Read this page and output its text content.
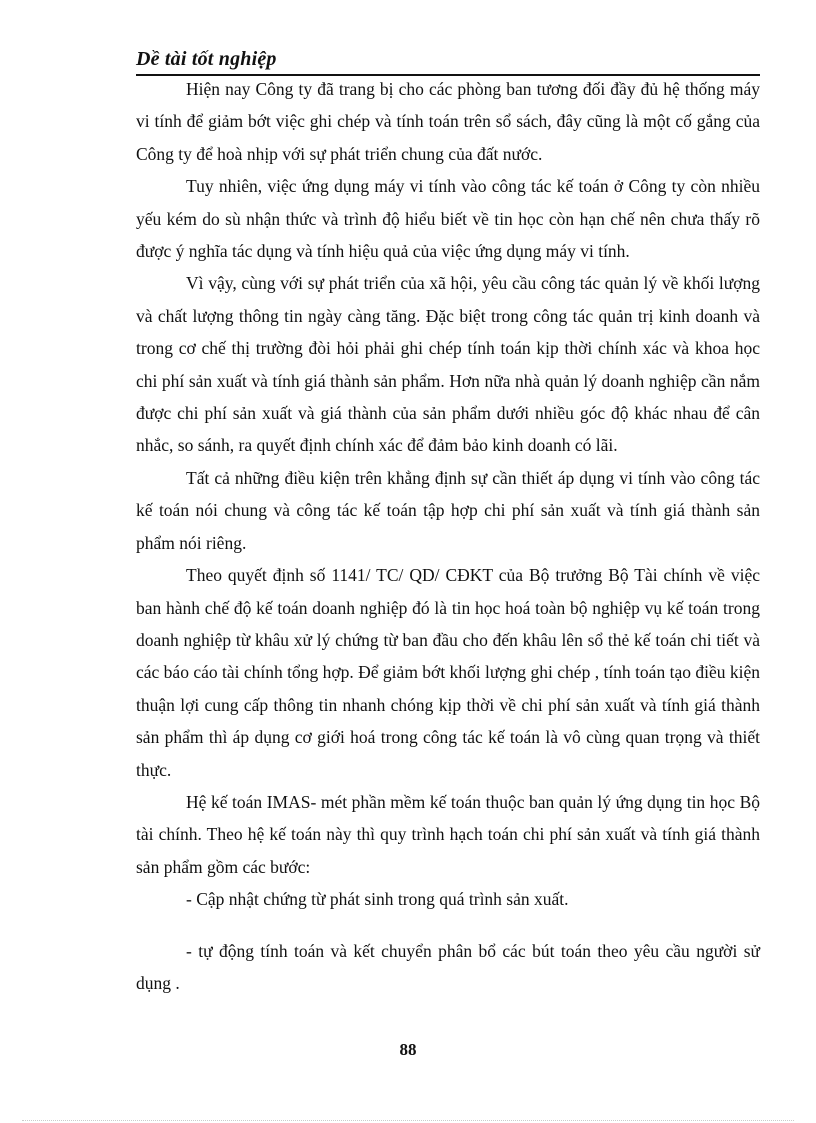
Dề tài tốt nghiệp

Hiện nay Công ty đã trang bị cho các phòng ban tương đối đầy đủ hệ thống máy vi tính để giảm bớt việc ghi chép và tính toán trên sổ sách, đây cũng là một cố gắng của Công ty để hoà nhịp với sự phát triển chung của đất nước.

Tuy nhiên, việc ứng dụng máy vi tính vào công tác kế toán ở Công ty còn nhiều yếu kém do sù nhận thức và trình độ hiểu biết về tin học còn hạn chế nên chưa thấy rõ được ý nghĩa tác dụng và tính hiệu quả của việc ứng dụng máy vi tính.

Vì vậy, cùng với sự phát triển của xã hội, yêu cầu công tác quản lý về khối lượng và chất lượng thông tin ngày càng tăng. Đặc biệt trong công tác quản trị kinh doanh và trong cơ chế thị trường đòi hỏi phải ghi chép tính toán kịp thời chính xác và khoa học chi phí sản xuất và tính giá thành sản phẩm. Hơn nữa nhà quản lý doanh nghiệp cần nắm được chi phí sản xuất và giá thành của sản phẩm dưới nhiều góc độ khác nhau để cân nhắc, so sánh, ra quyết định chính xác để đảm bảo kinh doanh có lãi.

Tất cả những điều kiện trên khẳng định sự cần thiết áp dụng vi tính vào công tác kế toán nói chung và công tác kế toán tập hợp chi phí sản xuất và tính giá thành sản phẩm nói riêng.

Theo quyết định số 1141/ TC/ QD/ CĐKT của Bộ trưởng Bộ Tài chính về việc ban hành chế độ kế toán doanh nghiệp đó là tin học hoá toàn bộ nghiệp vụ kế toán trong doanh nghiệp từ khâu xử lý chứng từ ban đầu cho đến khâu lên sổ thẻ kế toán chi tiết và các báo cáo tài chính tổng hợp. Để giảm bớt khối lượng ghi chép , tính toán tạo điều kiện thuận lợi cung cấp thông tin nhanh chóng kịp thời về chi phí sản xuất và tính giá thành sản phẩm thì áp dụng cơ giới hoá trong công tác kế toán là vô cùng quan trọng và thiết thực.

Hệ kế toán IMAS- mét phần mềm kế toán thuộc ban quản lý ứng dụng tin học Bộ tài chính. Theo hệ kế toán này thì quy trình hạch toán chi phí sản xuất và tính giá thành sản phẩm gồm các bước:

- Cập nhật chứng từ phát sinh trong quá trình sản xuất.

- tự động tính toán và kết chuyển phân bổ các bút toán theo yêu cầu người sử dụng .

88
